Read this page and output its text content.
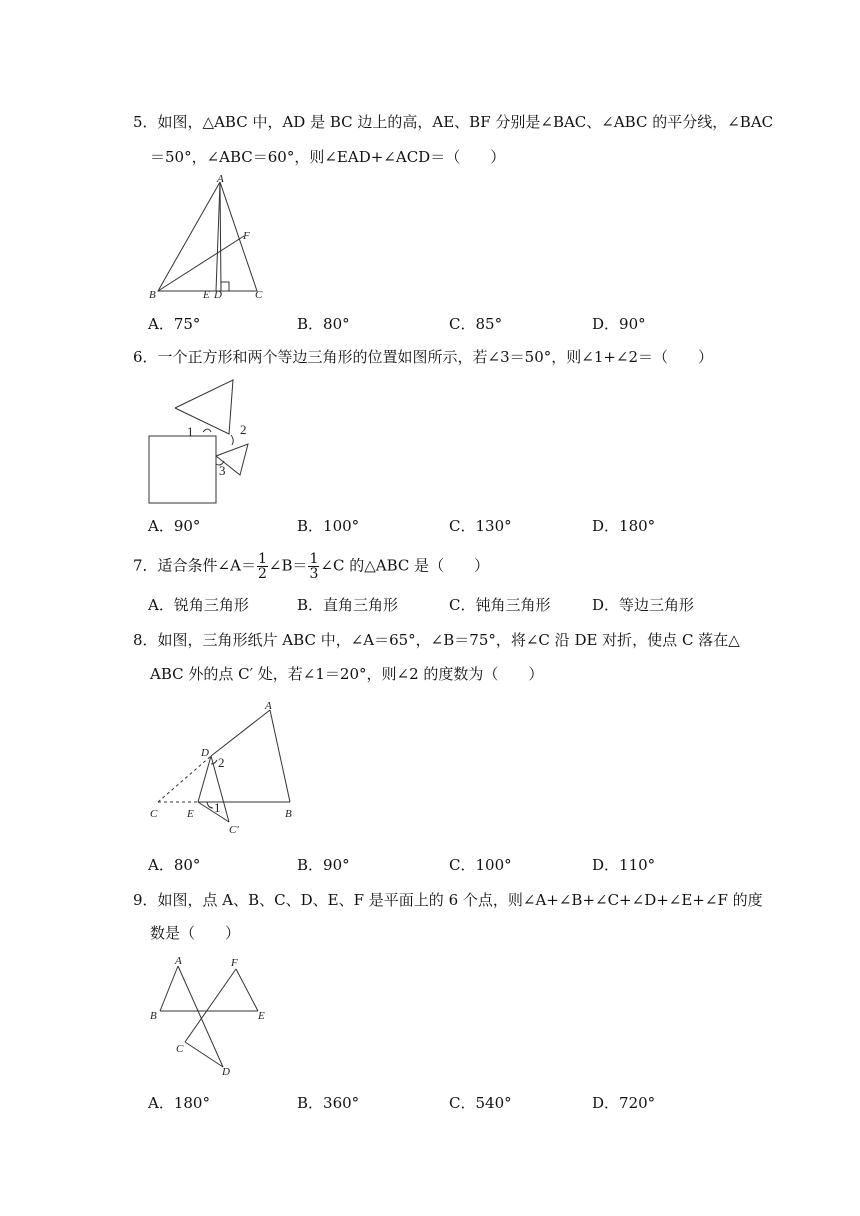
5．如图，△ABC 中，AD 是 BC 边上的高，AE、BF 分别是∠BAC、∠ABC 的平分线，∠BAC
＝50°，∠ABC＝60°，则∠EAD+∠ACD＝（　　）
A
B	C
D
E
F
A．75°	B．80°	C．85°	D．90°
6．一个正方形和两个等边三角形的位置如图所示，若∠3＝50°，则∠1+∠2＝（　　）
1	2
3
A．90°	B．100°	C．130°	D．180°
7．适合条件∠A＝ $\frac{1}{2}$ ∠B＝ $\frac{1}{3}$ ∠C 的△ABC 是（　　）
A．锐角三角形	B．直角三角形	C．钝角三角形	D．等边三角形
8．如图，三角形纸片 ABC 中，∠A＝65°，∠B＝75°，将∠C 沿 DE 对折，使点 C 落在△
ABC 外的点 C′ 处，若∠1＝20°，则∠2 的度数为（　　）
A
B
C
D
E
C′
1
2
A．80°	B．90°	C．100°	D．110°
9．如图，点 A、B、C、D、E、F 是平面上的 6 个点，则∠A+∠B+∠C+∠D+∠E+∠F 的度
数是（　　）
A
B
C
D
E
F
A．180°	B．360°	C．540°	D．720°
